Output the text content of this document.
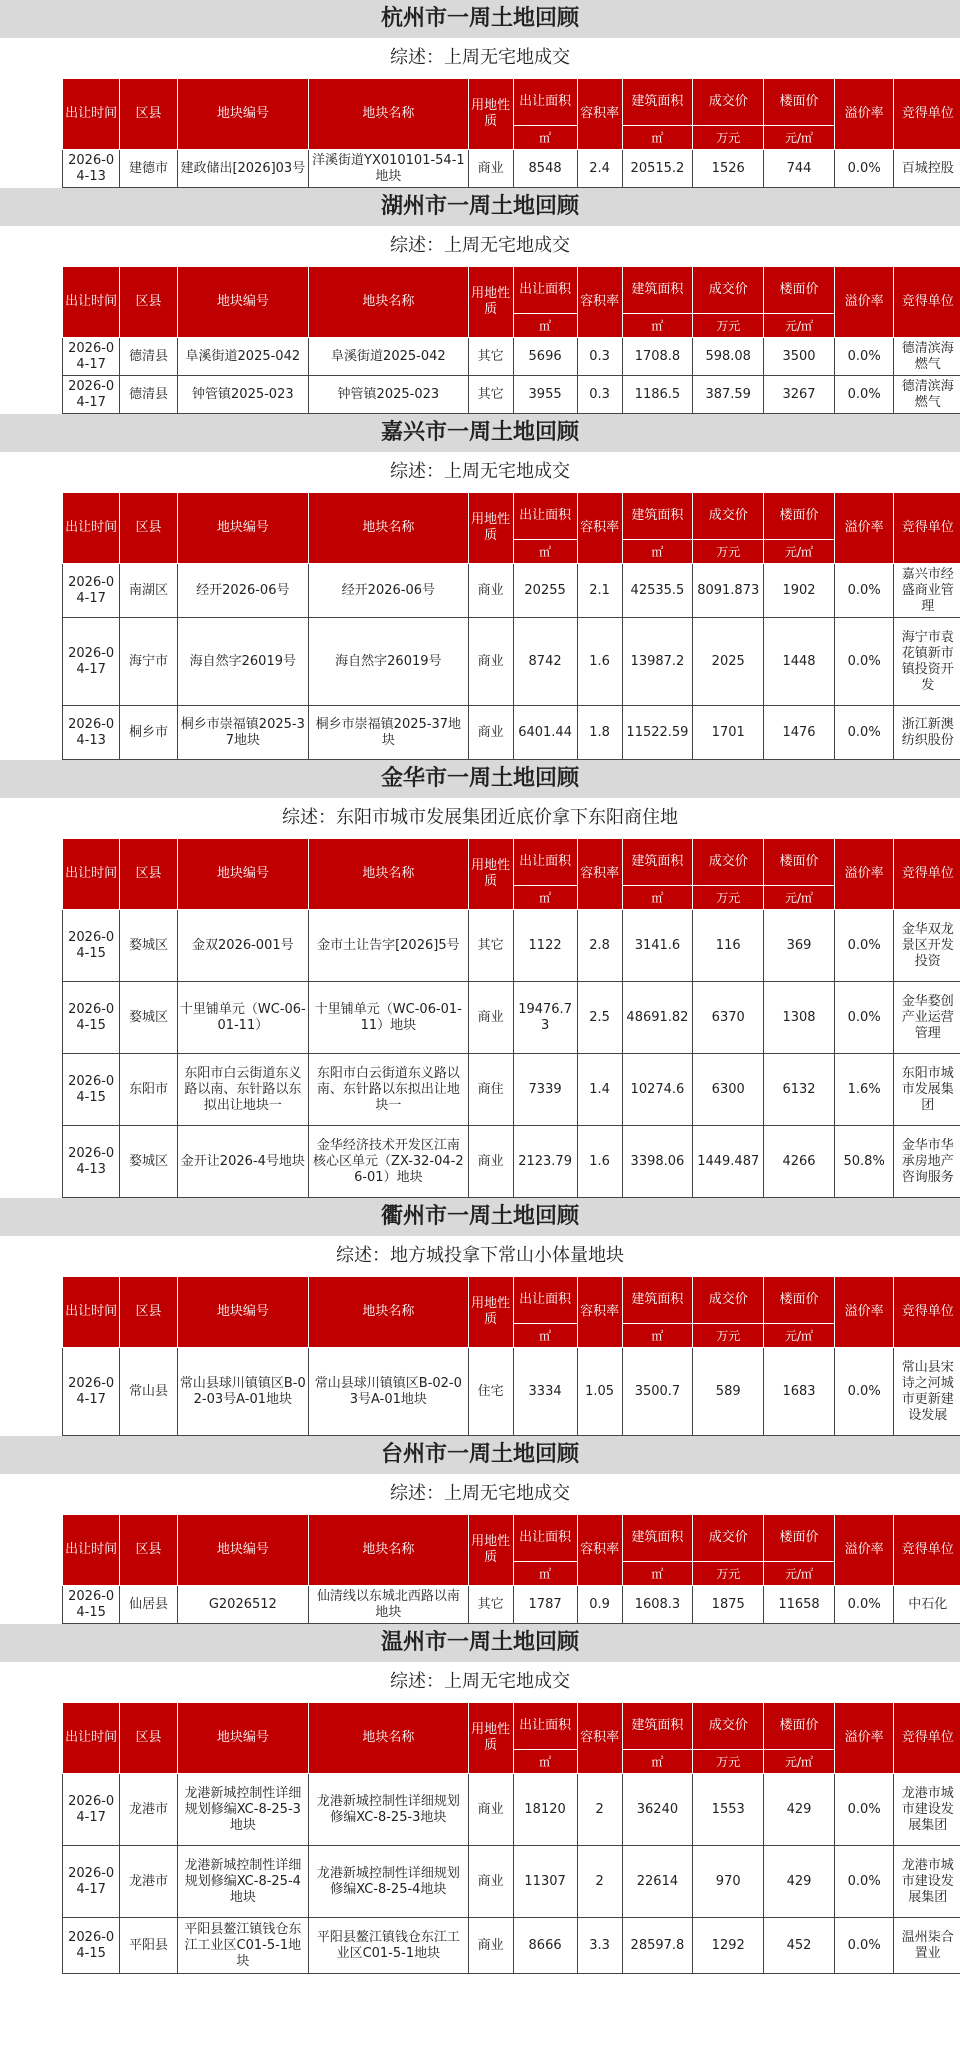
杭州市一周土地回顾
综述：上周无宅地成交
出让时间	区县	地块编号	地块名称	用地性质	出让面积	容积率	建筑面积	成交价	楼面价	溢价率	竞得单位
					㎡		㎡	万元	元/㎡		
2026-04-13	建德市	建政储出[2026]03号	洋溪街道YX010101-54-1地块	商业	8548	2.4	20515.2	1526	744	0.0%	百城控股
湖州市一周土地回顾
综述：上周无宅地成交
出让时间	区县	地块编号	地块名称	用地性质	出让面积	容积率	建筑面积	成交价	楼面价	溢价率	竞得单位
					㎡		㎡	万元	元/㎡		
2026-04-17	德清县	阜溪街道2025-042	阜溪街道2025-042	其它	5696	0.3	1708.8	598.08	3500	0.0%	德清滨海燃气
2026-04-17	德清县	钟管镇2025-023	钟管镇2025-023	其它	3955	0.3	1186.5	387.59	3267	0.0%	德清滨海燃气
嘉兴市一周土地回顾
综述：上周无宅地成交
出让时间	区县	地块编号	地块名称	用地性质	出让面积	容积率	建筑面积	成交价	楼面价	溢价率	竞得单位
					㎡		㎡	万元	元/㎡		
2026-04-17	南湖区	经开2026-06号	经开2026-06号	商业	20255	2.1	42535.5	8091.873	1902	0.0%	嘉兴市经盛商业管理
2026-04-17	海宁市	海自然字26019号	海自然字26019号	商业	8742	1.6	13987.2	2025	1448	0.0%	海宁市袁花镇新市镇投资开发
2026-04-13	桐乡市	桐乡市崇福镇2025-37地块	桐乡市崇福镇2025-37地块	商业	6401.44	1.8	11522.59	1701	1476	0.0%	浙江新澳纺织股份
金华市一周土地回顾
综述：东阳市城市发展集团近底价拿下东阳商住地
出让时间	区县	地块编号	地块名称	用地性质	出让面积	容积率	建筑面积	成交价	楼面价	溢价率	竞得单位
					㎡		㎡	万元	元/㎡		
2026-04-15	婺城区	金双2026-001号	金市土让告字[2026]5号	其它	1122	2.8	3141.6	116	369	0.0%	金华双龙景区开发投资
2026-04-15	婺城区	十里铺单元（WC-06-01-11）	十里铺单元（WC-06-01-11）地块	商业	19476.73	2.5	48691.82	6370	1308	0.0%	金华婺创产业运营管理
2026-04-15	东阳市	东阳市白云街道东义路以南、东针路以东拟出让地块一	东阳市白云街道东义路以南、东针路以东拟出让地块一	商住	7339	1.4	10274.6	6300	6132	1.6%	东阳市城市发展集团
2026-04-13	婺城区	金开让2026-4号地块	金华经济技术开发区江南核心区单元（ZX-32-04-26-01）地块	商业	2123.79	1.6	3398.06	1449.487	4266	50.8%	金华市华承房地产咨询服务
衢州市一周土地回顾
综述：地方城投拿下常山小体量地块
出让时间	区县	地块编号	地块名称	用地性质	出让面积	容积率	建筑面积	成交价	楼面价	溢价率	竞得单位
					㎡		㎡	万元	元/㎡		
2026-04-17	常山县	常山县球川镇镇区B-02-03号A-01地块	常山县球川镇镇区B-02-03号A-01地块	住宅	3334	1.05	3500.7	589	1683	0.0%	常山县宋诗之河城市更新建设发展
台州市一周土地回顾
综述：上周无宅地成交
出让时间	区县	地块编号	地块名称	用地性质	出让面积	容积率	建筑面积	成交价	楼面价	溢价率	竞得单位
					㎡		㎡	万元	元/㎡		
2026-04-15	仙居县	G2026512	仙清线以东城北西路以南地块	其它	1787	0.9	1608.3	1875	11658	0.0%	中石化
温州市一周土地回顾
综述：上周无宅地成交
出让时间	区县	地块编号	地块名称	用地性质	出让面积	容积率	建筑面积	成交价	楼面价	溢价率	竞得单位
					㎡		㎡	万元	元/㎡		
2026-04-17	龙港市	龙港新城控制性详细规划修编XC-8-25-3 地块	龙港新城控制性详细规划修编XC-8-25-3地块	商业	18120	2	36240	1553	429	0.0%	龙港市城市建设发展集团
2026-04-17	龙港市	龙港新城控制性详细规划修编XC-8-25-4 地块	龙港新城控制性详细规划修编XC-8-25-4地块	商业	11307	2	22614	970	429	0.0%	龙港市城市建设发展集团
2026-04-15	平阳县	平阳县鳌江镇钱仓东江工业区C01-5-1地块	平阳县鳌江镇钱仓东江工业区C01-5-1地块	商业	8666	3.3	28597.8	1292	452	0.0%	温州柒合置业
